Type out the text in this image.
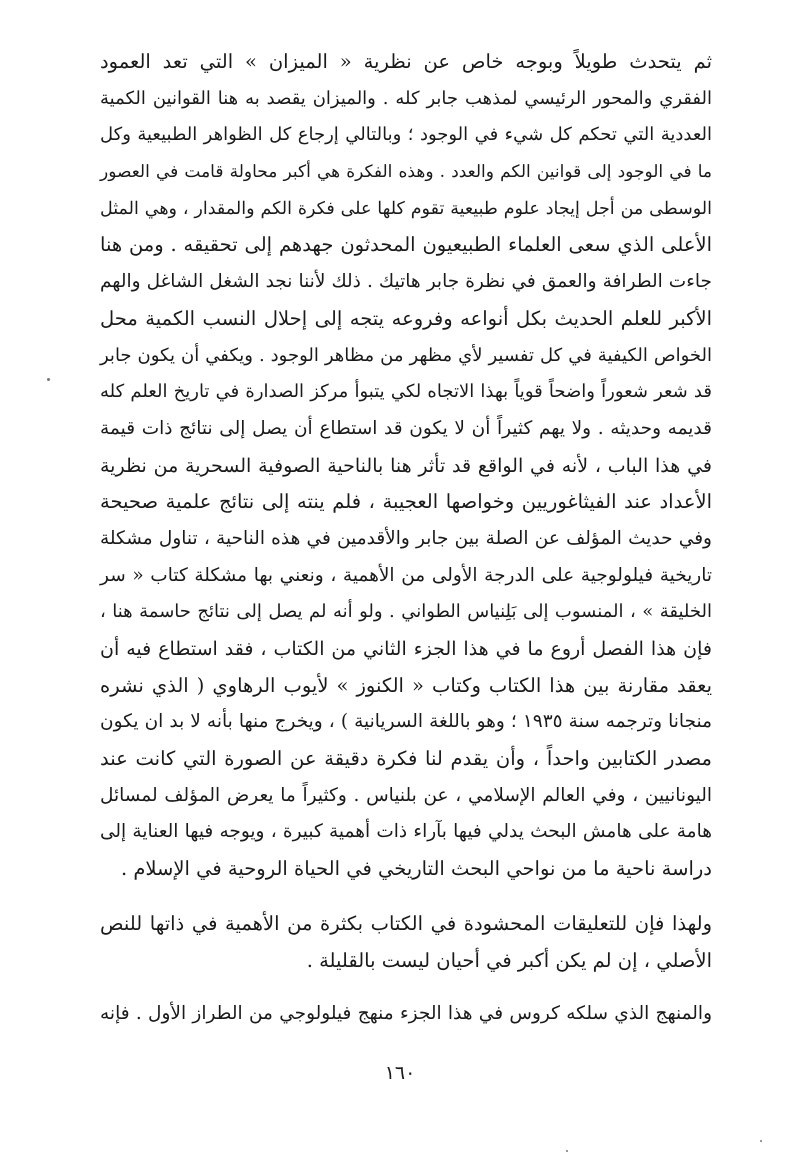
ثم يتحدث طويلاً وبوجه خاص عن نظرية « الميزان » التي تعد العمود
الفقري والمحور الرئيسي لمذهب جابر كله . والميزان يقصد به هنا القوانين الكمية
العددية التي تحكم كل شيء في الوجود ؛ وبالتالي إرجاع كل الظواهر الطبيعية وكل
ما في الوجود إلى قوانين الكم والعدد . وهذه الفكرة هي أكبر محاولة قامت في العصور
الوسطى من أجل إيجاد علوم طبيعية تقوم كلها على فكرة الكم والمقدار ، وهي المثل
الأعلى الذي سعى العلماء الطبيعيون المحدثون جهدهم إلى تحقيقه . ومن هنا
جاءت الطرافة والعمق في نظرة جابر هاتيك . ذلك لأننا نجد الشغل الشاغل والهم
الأكبر للعلم الحديث بكل أنواعه وفروعه يتجه إلى إحلال النسب الكمية محل
الخواص الكيفية في كل تفسير لأي مظهر من مظاهر الوجود . ويكفي أن يكون جابر
قد شعر شعوراً واضحاً قوياً بهذا الاتجاه لكي يتبوأ مركز الصدارة في تاريخ العلم كله
قديمه وحديثه . ولا يهم كثيراً أن لا يكون قد استطاع أن يصل إلى نتائج ذات قيمة
في هذا الباب ، لأنه في الواقع قد تأثر هنا بالناحية الصوفية السحرية من نظرية
الأعداد عند الفيثاغوريين وخواصها العجيبة ، فلم ينته إلى نتائج علمية صحيحة
وفي حديث المؤلف عن الصلة بين جابر والأقدمين في هذه الناحية ، تناول مشكلة
تاريخية فيلولوجية على الدرجة الأولى من الأهمية ، ونعني بها مشكلة كتاب « سر
الخليقة » ، المنسوب إلى بَلِنياس الطواني . ولو أنه لم يصل إلى نتائج حاسمة هنا ،
فإن هذا الفصل أروع ما في هذا الجزء الثاني من الكتاب ، فقد استطاع فيه أن
يعقد مقارنة بين هذا الكتاب وكتاب « الكنوز » لأيوب الرهاوي ( الذي نشره
منجانا وترجمه سنة ١٩٣٥ ؛ وهو باللغة السريانية ) ، ويخرج منها بأنه لا بد ان يكون
مصدر الكتابين واحداً ، وأن يقدم لنا فكرة دقيقة عن الصورة التي كانت عند
اليونانيين ، وفي العالم الإسلامي ، عن بلنياس . وكثيراً ما يعرض المؤلف لمسائل
هامة على هامش البحث يدلي فيها بآراء ذات أهمية كبيرة ، ويوجه فيها العناية إلى
دراسة ناحية ما من نواحي البحث التاريخي في الحياة الروحية في الإسلام .
ولهذا فإن للتعليقات المحشودة في الكتاب بكثرة من الأهمية في ذاتها للنص
الأصلي ، إن لم يكن أكبر في أحيان ليست بالقليلة .
والمنهج الذي سلكه كروس في هذا الجزء منهج فيلولوجي من الطراز الأول . فإنه
١٦٠
